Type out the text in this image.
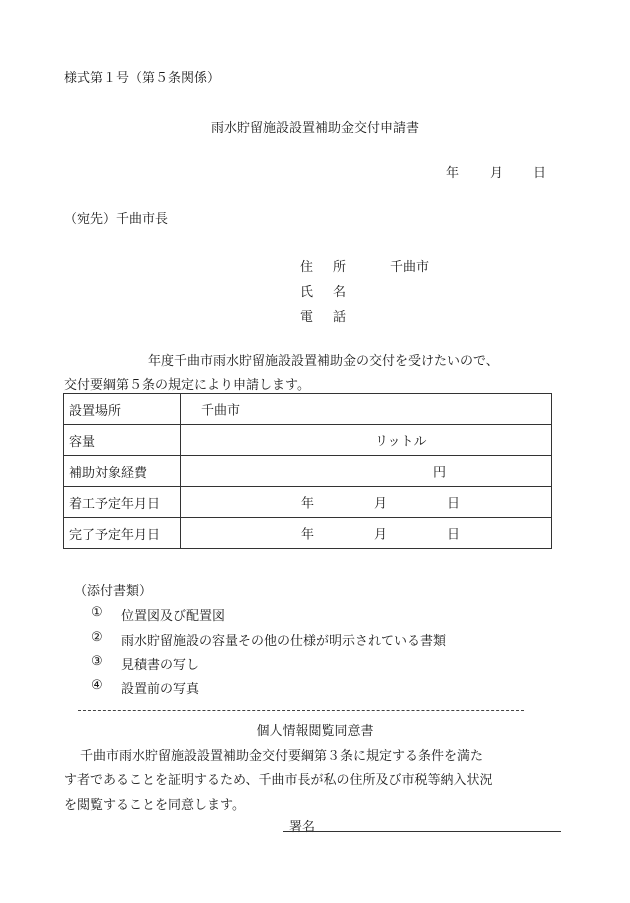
様式第１号（第５条関係）
雨水貯留施設設置補助金交付申請書
年 月 日
（宛先）千曲市長
住 所	千曲市
氏 名
電 話
年度千曲市雨水貯留施設設置補助金の交付を受けたいので、
交付要綱第５条の規定により申請します。
設置場所	千曲市

容量	リットル

補助対象経費	円

着工予定年月日	年 月 日

完了予定年月日	年 月 日
（添付書類）
① 位置図及び配置図
② 雨水貯留施設の容量その他の仕様が明示されている書類
③ 見積書の写し
④ 設置前の写真
個人情報閲覧同意書
千曲市雨水貯留施設設置補助金交付要綱第３条に規定する条件を満た
す者であることを証明するため、千曲市長が私の住所及び市税等納入状況
を閲覧することを同意します。
署名
